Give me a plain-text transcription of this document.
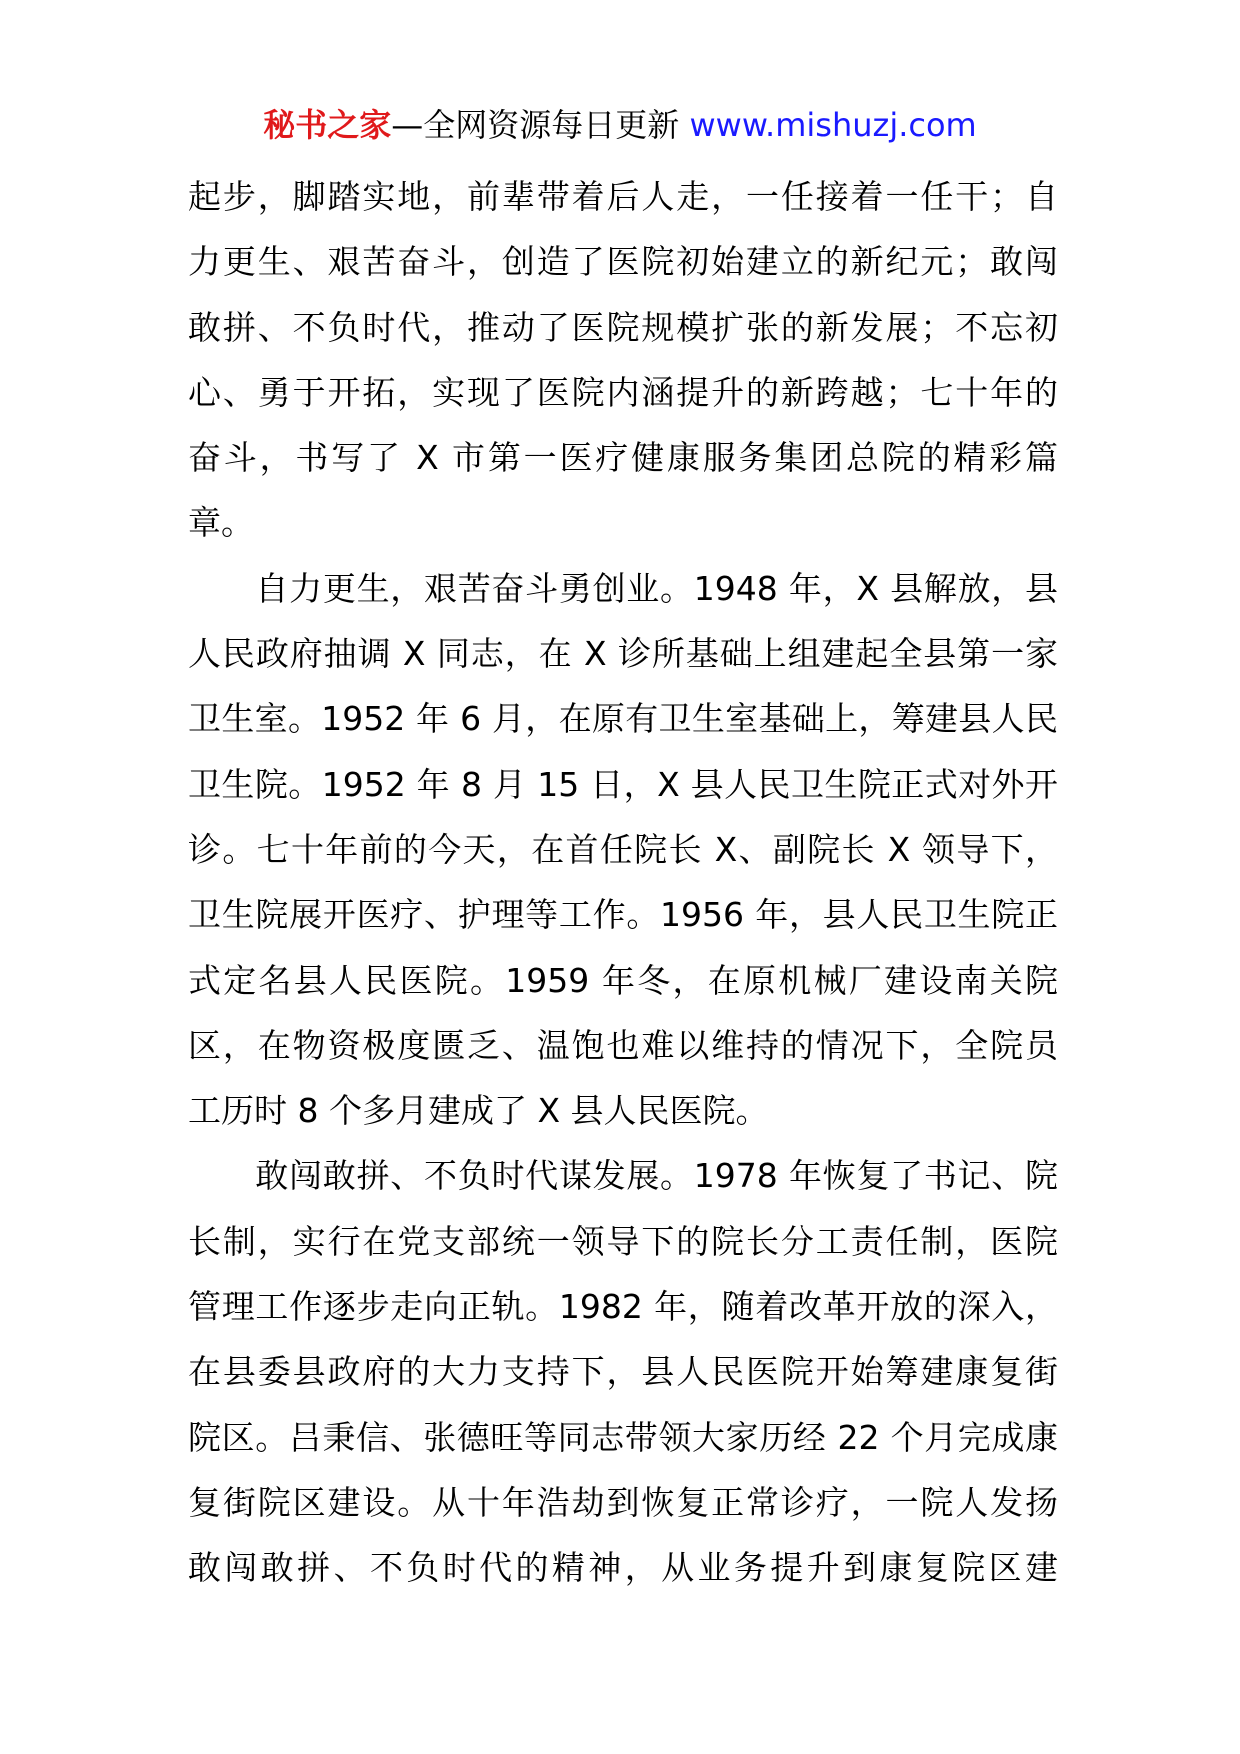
秘书之家—全网资源每日更新 www.mishuzj.com
起步，脚踏实地，前辈带着后人走，一任接着一任干；自
力更生、艰苦奋斗，创造了医院初始建立的新纪元；敢闯
敢拼、不负时代，推动了医院规模扩张的新发展；不忘初
心、勇于开拓，实现了医院内涵提升的新跨越；七十年的
奋斗，书写了 X 市第一医疗健康服务集团总院的精彩篇
章。
　　自力更生，艰苦奋斗勇创业。1948 年，X 县解放，县
人民政府抽调 X 同志，在 X 诊所基础上组建起全县第一家
卫生室。1952 年 6 月，在原有卫生室基础上，筹建县人民
卫生院。1952 年 8 月 15 日，X 县人民卫生院正式对外开
诊。七十年前的今天，在首任院长 X、副院长 X 领导下，
卫生院展开医疗、护理等工作。1956 年，县人民卫生院正
式定名县人民医院。1959 年冬，在原机械厂建设南关院
区，在物资极度匮乏、温饱也难以维持的情况下，全院员
工历时 8 个多月建成了 X 县人民医院。
　　敢闯敢拼、不负时代谋发展。1978 年恢复了书记、院
长制，实行在党支部统一领导下的院长分工责任制，医院
管理工作逐步走向正轨。1982 年，随着改革开放的深入，
在县委县政府的大力支持下，县人民医院开始筹建康复街
院区。吕秉信、张德旺等同志带领大家历经 22 个月完成康
复街院区建设。从十年浩劫到恢复正常诊疗，一院人发扬
敢闯敢拼、不负时代的精神，从业务提升到康复院区建
